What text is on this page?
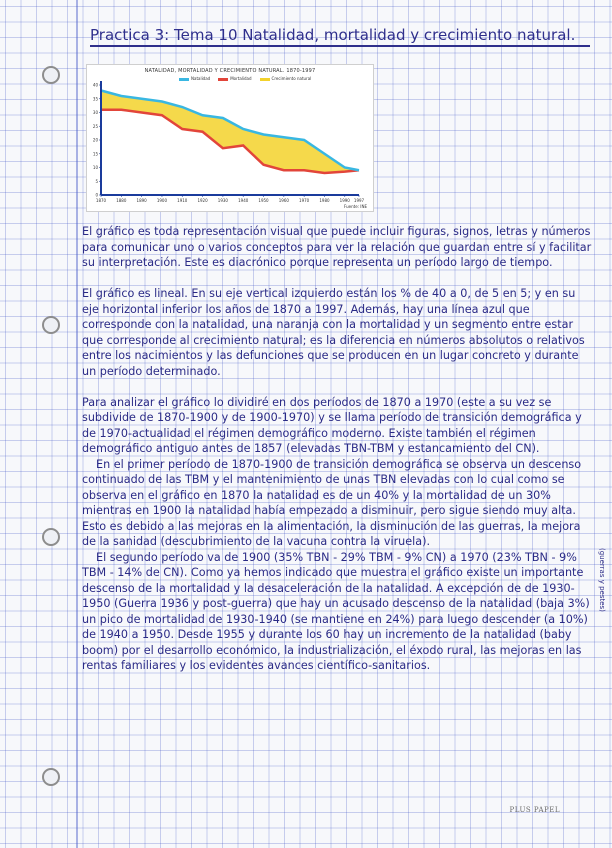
Practica 3: Tema 10 Natalidad, mortalidad y crecimiento natural.
NATALIDAD, MORTALIDAD Y CRECIMIENTO NATURAL. 1870-1997
Natalidad	Mortalidad	Crecimiento natural
0
5
10
15
20
25
30
35
40
1870	1880	1890	1900	1910	1920	1930	1940	1950	1960	1970	1980	1990 1997
Fuente: INE

El gráfico es toda representación visual que puede incluir figuras, signos, letras y números para comunicar uno o varios conceptos para ver la relación que guardan entre sí y facilitar su interpretación. Este es diacrónico porque representa un período largo de tiempo.

El gráfico es lineal. En su eje vertical izquierdo están los % de 40 a 0, de 5 en 5; y en su eje horizontal inferior los años de 1870 a 1997. Además, hay una línea azul que corresponde con la natalidad, una naranja con la mortalidad y un segmento entre estar que corresponde al crecimiento natural; es la diferencia en números absolutos o relativos entre los nacimientos y las defunciones que se producen en un lugar concreto y durante un período determinado.

Para analizar el gráfico lo dividiré en dos períodos de 1870 a 1970 (este a su vez se subdivide de 1870-1900 y de 1900-1970) y se llama período de transición demográfica y de 1970-actualidad el régimen demográfico moderno. Existe también el régimen demográfico antiguo antes de 1857 (elevadas TBN-TBM y estancamiento del CN).

En el primer período de 1870-1900 de transición demográfica se observa un descenso continuado de las TBM y el mantenimiento de unas TBN elevadas con lo cual como se observa en el gráfico en 1870 la natalidad es de un 40% y la mortalidad de un 30% mientras en 1900 la natalidad había empezado a disminuir, pero sigue siendo muy alta. Esto es debido a las mejoras en la alimentación, la disminución de las guerras, la mejora de la sanidad (descubrimiento de la vacuna contra la viruela).

El segundo período va de 1900 (35% TBN - 29% TBM - 9% CN) a 1970 (23% TBN - 9% TBM - 14% de CN). Como ya hemos indicado que muestra el gráfico existe un importante descenso de la mortalidad y la desaceleración de la natalidad. A excepción de de 1930-1950 (Guerra 1936 y post-guerra) que hay un acusado descenso de la natalidad (baja 3%) un pico de mortalidad de 1930-1940 (se mantiene en 24%) para luego descender (a 10%) de 1940 a 1950. Desde 1955 y durante los 60 hay un incremento de la natalidad (baby boom) por el desarrollo económico, la industrialización, el éxodo rural, las mejoras en las rentas familiares y los evidentes avances científico-sanitarios.

(guerras y pestes)
PLUS PAPEL
